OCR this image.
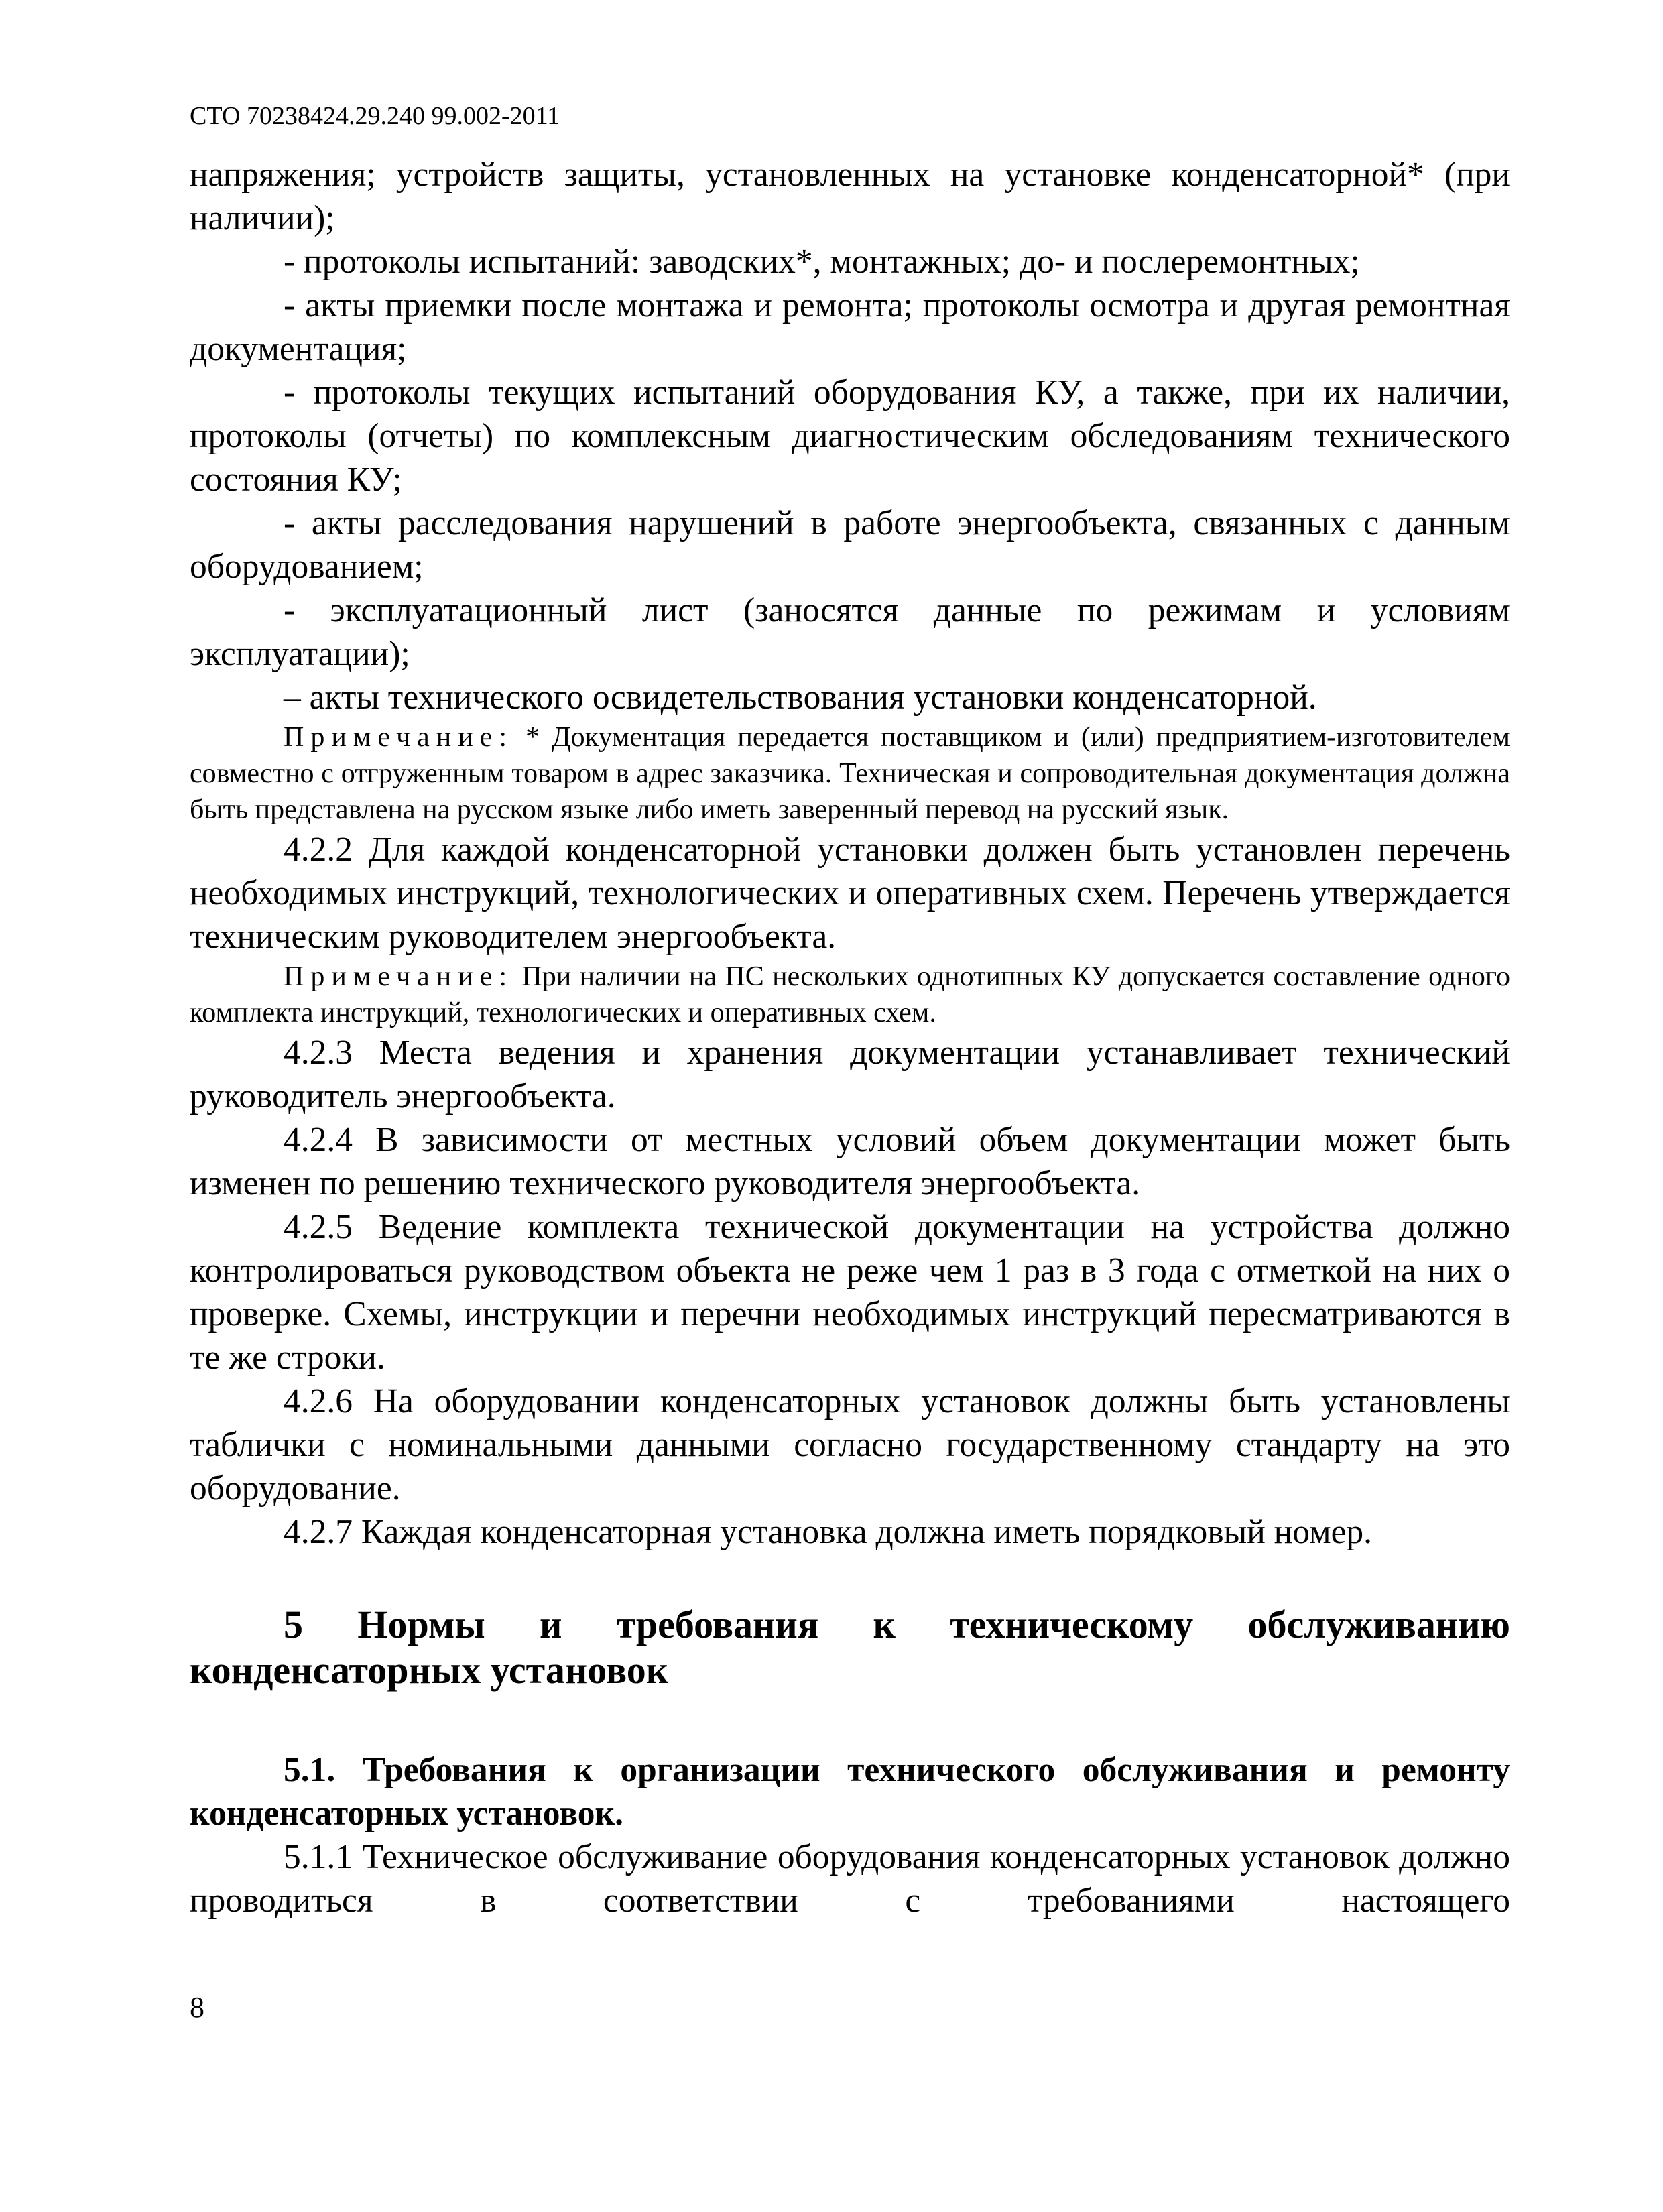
СТО 70238424.29.240 99.002-2011

напряжения; устройств защиты, установленных на установке конденсаторной* (при наличии);

- протоколы испытаний: заводских*, монтажных; до- и послеремонтных;

- акты приемки после монтажа и ремонта; протоколы осмотра и другая ремонтная документация;

- протоколы текущих испытаний оборудования КУ, а также, при их наличии, протоколы (отчеты) по комплексным диагностическим обследованиям технического состояния КУ;

- акты расследования нарушений в работе энергообъекта, связанных с данным оборудованием;

- эксплуатационный лист (заносятся данные по режимам и условиям эксплуатации);

– акты технического освидетельствования установки конденсаторной.

Примечание: * Документация передается поставщиком и (или) предприятием-изготовителем совместно с отгруженным товаром в адрес заказчика. Техническая и сопроводительная документация должна быть представлена на русском языке либо иметь заверенный перевод на русский язык.

4.2.2 Для каждой конденсаторной установки должен быть установлен перечень необходимых инструкций, технологических и оперативных схем. Перечень утверждается техническим руководителем энергообъекта.

Примечание: При наличии на ПС нескольких однотипных КУ допускается составление одного комплекта инструкций, технологических и оперативных схем.

4.2.3 Места ведения и хранения документации устанавливает технический руководитель энергообъекта.

4.2.4 В зависимости от местных условий объем документации может быть изменен по решению технического руководителя энергообъекта.

4.2.5 Ведение комплекта технической документации на устройства должно контролироваться руководством объекта не реже чем 1 раз в 3 года с отметкой на них о проверке. Схемы, инструкции и перечни необходимых инструкций пересматриваются в те же строки.

4.2.6 На оборудовании конденсаторных установок должны быть установлены таблички с номинальными данными согласно государственному стандарту на это оборудование.

4.2.7 Каждая конденсаторная установка должна иметь порядковый номер.

5 Нормы и требования к техническому обслуживанию конденсаторных установок

5.1. Требования к организации технического обслуживания и ремонту конденсаторных установок.

5.1.1 Техническое обслуживание оборудования конденсаторных установок должно проводиться в соответствии с требованиями настоящего

8
